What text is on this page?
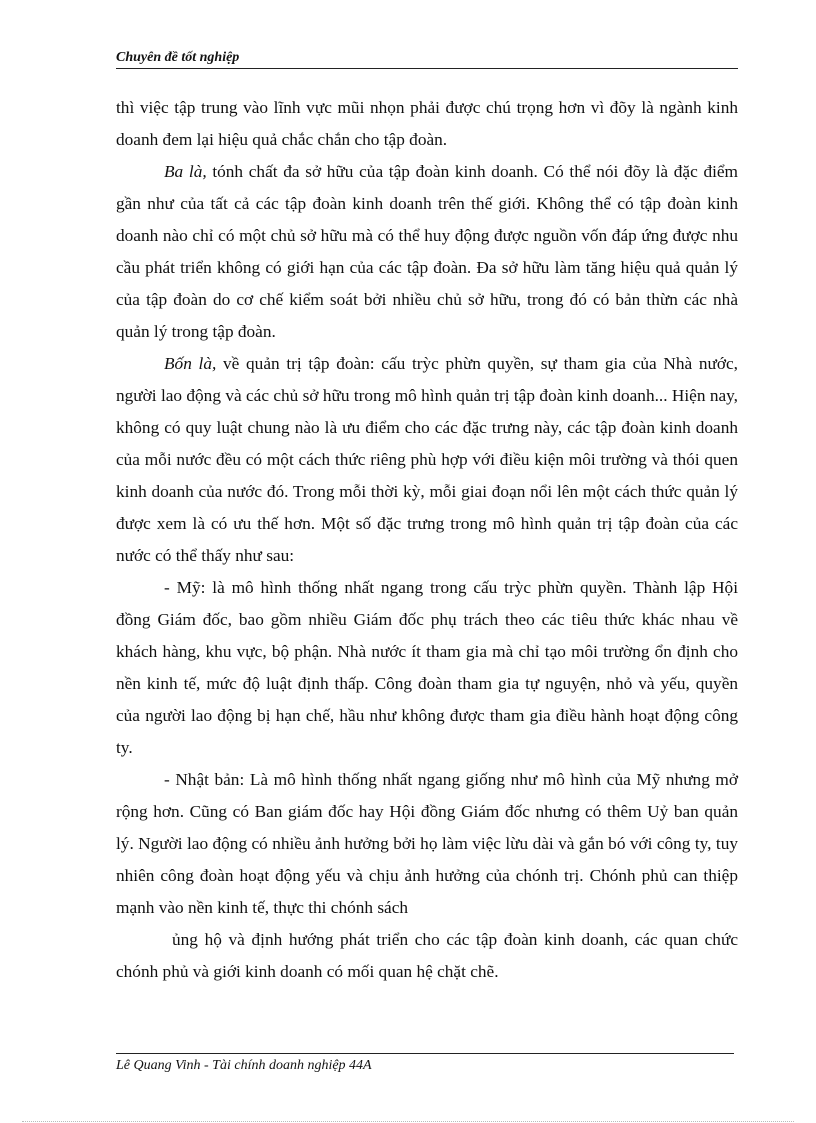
Chuyên đề tốt nghiệp

thì việc tập trung vào lĩnh vực mũi nhọn phải được chú trọng hơn vì đõy là ngành kinh doanh đem lại hiệu quả chắc chắn cho tập đoàn.

Ba là, tónh chất đa sở hữu của tập đoàn kinh doanh. Có thể nói đõy là đặc điểm gần như của tất cả các tập đoàn kinh doanh trên thế giới. Không thể có tập đoàn kinh doanh nào chỉ có một chủ sở hữu mà có thể huy động được nguồn vốn đáp ứng được nhu cầu phát triển không có giới hạn của các tập đoàn. Đa sở hữu làm tăng hiệu quả quản lý của tập đoàn do cơ chế kiểm soát bởi nhiều chủ sở hữu, trong đó có bản thừn các nhà quản lý trong tập đoàn.

Bốn là, về quản trị tập đoàn: cấu trỳc phừn quyền, sự tham gia của Nhà nước, người lao động và các chủ sở hữu trong mô hình quản trị tập đoàn kinh doanh... Hiện nay, không có quy luật chung nào là ưu điểm cho các đặc trưng này, các tập đoàn kinh doanh của mỗi nước đều có một cách thức riêng phù hợp với điều kiện môi trường và thói quen kinh doanh của nước đó. Trong mỗi thời kỳ, mỗi giai đoạn nổi lên một cách thức quản lý được xem là có ưu thế hơn. Một số đặc trưng trong mô hình quản trị tập đoàn của các nước có thể thấy như sau:

- Mỹ: là mô hình thống nhất ngang trong cấu trỳc phừn quyền. Thành lập Hội đồng Giám đốc, bao gồm nhiều Giám đốc phụ trách theo các tiêu thức khác nhau về khách hàng, khu vực, bộ phận. Nhà nước ít tham gia mà chỉ tạo môi trường ổn định cho nền kinh tế, mức độ luật định thấp. Công đoàn tham gia tự nguyện, nhỏ và yếu, quyền của người lao động bị hạn chế, hầu như không được tham gia điều hành hoạt động công ty.

- Nhật bản: Là mô hình thống nhất ngang giống như mô hình của Mỹ nhưng mở rộng hơn. Cũng có Ban giám đốc hay Hội đồng Giám đốc nhưng có thêm Uỷ ban quản lý. Người lao động có nhiều ảnh hưởng bởi họ làm việc lừu dài và gắn bó với công ty, tuy nhiên công đoàn hoạt động yếu và chịu ảnh hưởng của chónh trị. Chónh phủ can thiệp mạnh vào nền kinh tế, thực thi chónh sách

ủng hộ và định hướng phát triển cho các tập đoàn kinh doanh, các quan chức chónh phủ và giới kinh doanh có mối quan hệ chặt chẽ.

Lê Quang Vinh - Tài chính doanh nghiệp 44A
